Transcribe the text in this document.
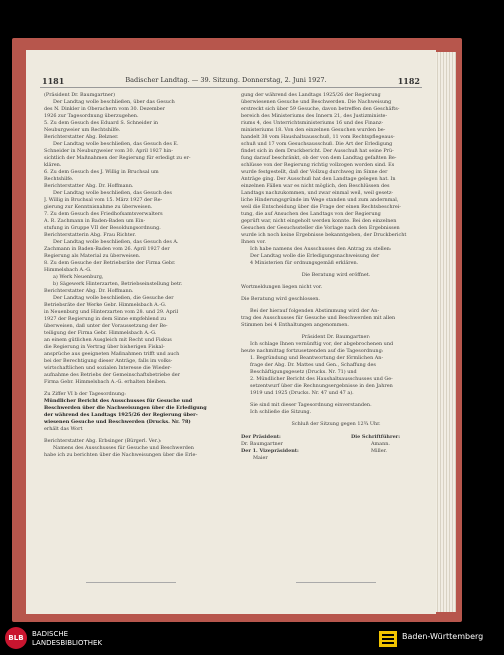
1181	Badischer Landtag. — 39. Sitzung. Donnerstag, 2. Juni 1927.	1182

(Präsident Dr. Baumgartner)

Der Landtag wolle beschließen, über das Gesuch

des N. Dinkler in Oberachern vom 30. Dezember

1926 zur Tagesordnung überzugehen.

5. Zu dem Gesuch des Eduard S. Schneider in

Neuburgweier um Rechtshilfe.

Berichterstatter Abg. Belzner.

Der Landtag wolle beschließen, das Gesuch des E.

Schneider in Neuburgweier vom 30. April 1927 hin-

sichtlich der Maßnahmen der Regierung für erledigt zu er-

klären.

6. Zu dem Gesuch des J. Willig in Bruchsal um

Rechtshilfe.

Berichterstatter Abg. Dr. Hoffmann.

Der Landtag wolle beschließen, das Gesuch des

J. Willig in Bruchsal vom 15. März 1927 der Re-

gierung zur Kenntnisnahme zu überweisen.

7. Zu dem Gesuch des Friedhofsamtsverwalters

A. R. Zachmann in Baden-Baden um Ein-

stufung in Gruppe VII der Besoldungsordnung.

Berichterstatterin Abg. Frau Richter.

Der Landtag wolle beschließen, das Gesuch des A.

Zachmann in Baden-Baden vom 26. April 1927 der

Regierung als Material zu überweisen.

8. Zu dem Gesuche der Betriebsräte der Firma Gebr.

Himmelsbach A.-G.

a) Werk Neuenburg,

b) Sägewerk Hinterzarten, Betriebseinstellung betr.

Berichterstatter Abg. Dr. Hoffmann.

Der Landtag wolle beschließen, die Gesuche der

Betriebsräte der Werke Gebr. Himmelsbach A.-G.

in Neuenburg und Hinterzarten vom 28. und 29. April

1927 der Regierung in dem Sinne empfehlend zu

überweisen, daß unter der Voraussetzung der Be-

teiligung der Firma Gebr. Himmelsbach A.-G.

an einem gütlichen Ausgleich mit Recht und Fiskus

die Regierung in Vertrag über bisherigen Fiskal-

ansprüche aus geeigneten Maßnahmen trifft und auch

bei der Berechtigung dieser Anträge, falls im volks-

wirtschaftlichen und sozialen Interesse die Wieder-

aufnahme des Betriebs der Gemeinschaftsbetriebe der

Firma Gebr. Himmelsbach A.-G. erhalten bleiben.

Zu Ziffer VI b der Tagesordnung:

Mündlicher Bericht des Ausschusses für Gesuche und

Beschwerden über die Nachweisungen über die Erledigung

der während des Landtags 1925/26 der Regierung über-

wiesenen Gesuche und Beschwerden (Drucks. Nr. 78)

erhält das Wort

Berichterstatter Abg. Erbsinger (Bürgerl. Ver.):

Namens des Ausschusses für Gesuche und Beschwerden

habe ich zu berichten über die Nachweisungen über die Erle-

gung der während des Landtags 1925/26 der Regierung

überwiesenen Gesuche und Beschwerden. Die Nachweisung

erstreckt sich über 59 Gesuche, davon betreffen den Geschäfts-

bereich des Ministeriums des Innern 21, des Justizministe-

riums 4, des Unterrichtsministeriums 16 und des Finanz-

ministeriums 18. Von den einzelnen Gesuchen wurden be-

handelt 38 vom Haushaltsausschuß, 11 vom Rechtspflegeaus-

schuß und 17 vom Gesuchsausschuß. Die Art der Erledigung

findet sich in dem Druckbericht. Der Ausschuß hat seine Prü-

fung darauf beschränkt, ob der von dem Landtag gefaßten Be-

schlüsse von der Regierung richtig vollzogen worden sind. Es

wurde festgestellt, daß der Vollzug durchweg im Sinne der

Anträge ging. Der Ausschuß hat den Landtage gelegen hat. In

einzelnen Fällen war es nicht möglich, den Beschlüssen des

Landtags nachzukommen, und zwar einmal weil, weil gesetz-

liche Hinderungsgründe im Wege standen und zum andernmal,

weil die Entscheidung über die Frage der einen Rechtsbeschrei-

tung, die auf Ansuchen des Landtags von der Regierung

geprüft war, nicht eingeholt werden konnte. Bei den einzelnen

Gesuchen der Gesuchssteller die Vorlage nach den Ergebnissen

wurde ich noch keine Ergebnisse bekanntgeben, der Druckbericht

Ihnen vor.

Ich habe namens des Ausschusses den Antrag zu stellen:

Der Landtag wolle die Erledigungsnachweisung der

4 Ministerien für ordnungsgemäß erklären.

Die Beratung wird eröffnet.

Wortmeldungen liegen nicht vor.

Die Beratung wird geschlossen.

Bei der hierauf folgenden Abstimmung wird der An-

trag des Ausschusses für Gesuche und Beschwerden mit allen

Stimmen bei 4 Enthaltungen angenommen.

Präsident Dr. Baumgartner:

Ich schlage Ihnen vernünftig vor, der abgebrochenen und

heute nachmittag fortzusetzenden auf die Tagesordnung:

1. Begründung und Beantwortung der förmlichen An-

frage der Abg. Dr. Mattes und Gen., Schaffung des

Beschäftigungsgesetz (Drucks. Nr. 71) und

2. Mündlicher Bericht des Haushaltsausschusses und Ge-

setzentwurf über die Rechnungsergebnisse in den Jahren

1919 und 1925 (Drucks. Nr. 47 und 47 a).

Sie sind mit dieser Tagesordnung einverstanden.

Ich schließe die Sitzung.

Schluß der Sitzung gegen 12¾ Uhr.

Der Präsident:
Dr. Baumgartner
Der 1. Vizepräsident:
Maier
Die Schriftführer:
Amann.
Miller.
BLB	BADISCHE
LANDESBIBLIOTHEK
Baden-Württemberg
